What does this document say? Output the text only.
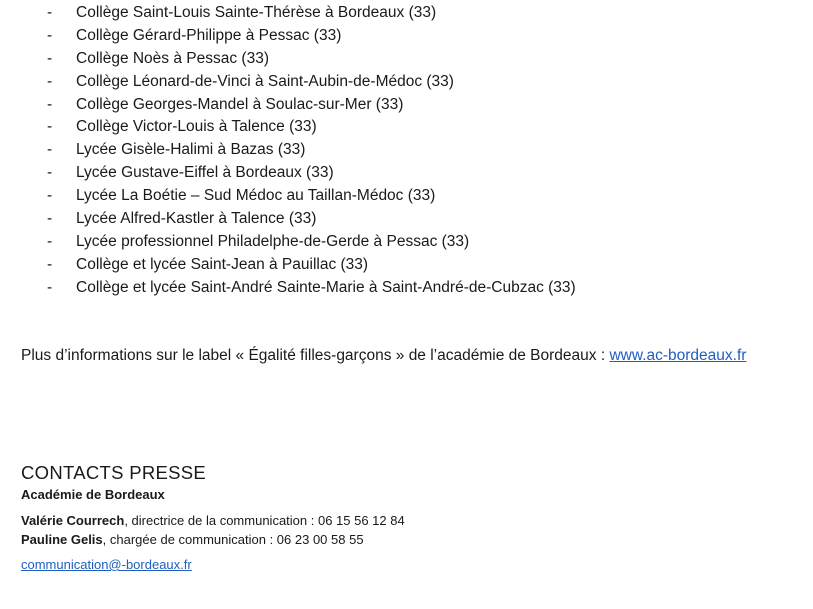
- Collège Saint-Louis Sainte-Thérèse à Bordeaux (33)
- Collège Gérard-Philippe à Pessac (33)
- Collège Noès à Pessac (33)
- Collège Léonard-de-Vinci à Saint-Aubin-de-Médoc (33)
- Collège Georges-Mandel à Soulac-sur-Mer (33)
- Collège Victor-Louis à Talence (33)
- Lycée Gisèle-Halimi à Bazas (33)
- Lycée Gustave-Eiffel à Bordeaux (33)
- Lycée La Boétie – Sud Médoc au Taillan-Médoc (33)
- Lycée Alfred-Kastler à Talence (33)
- Lycée professionnel Philadelphe-de-Gerde à Pessac (33)
- Collège et lycée Saint-Jean à Pauillac (33)
- Collège et lycée Saint-André Sainte-Marie à Saint-André-de-Cubzac (33)

Plus d’informations sur le label « Égalité filles-garçons » de l’académie de Bordeaux : www.ac-bordeaux.fr

CONTACTS PRESSE
Académie de Bordeaux
Valérie Courrech, directrice de la communication : 06 15 56 12 84
Pauline Gelis, chargée de communication : 06 23 00 58 55
communication@-bordeaux.fr
